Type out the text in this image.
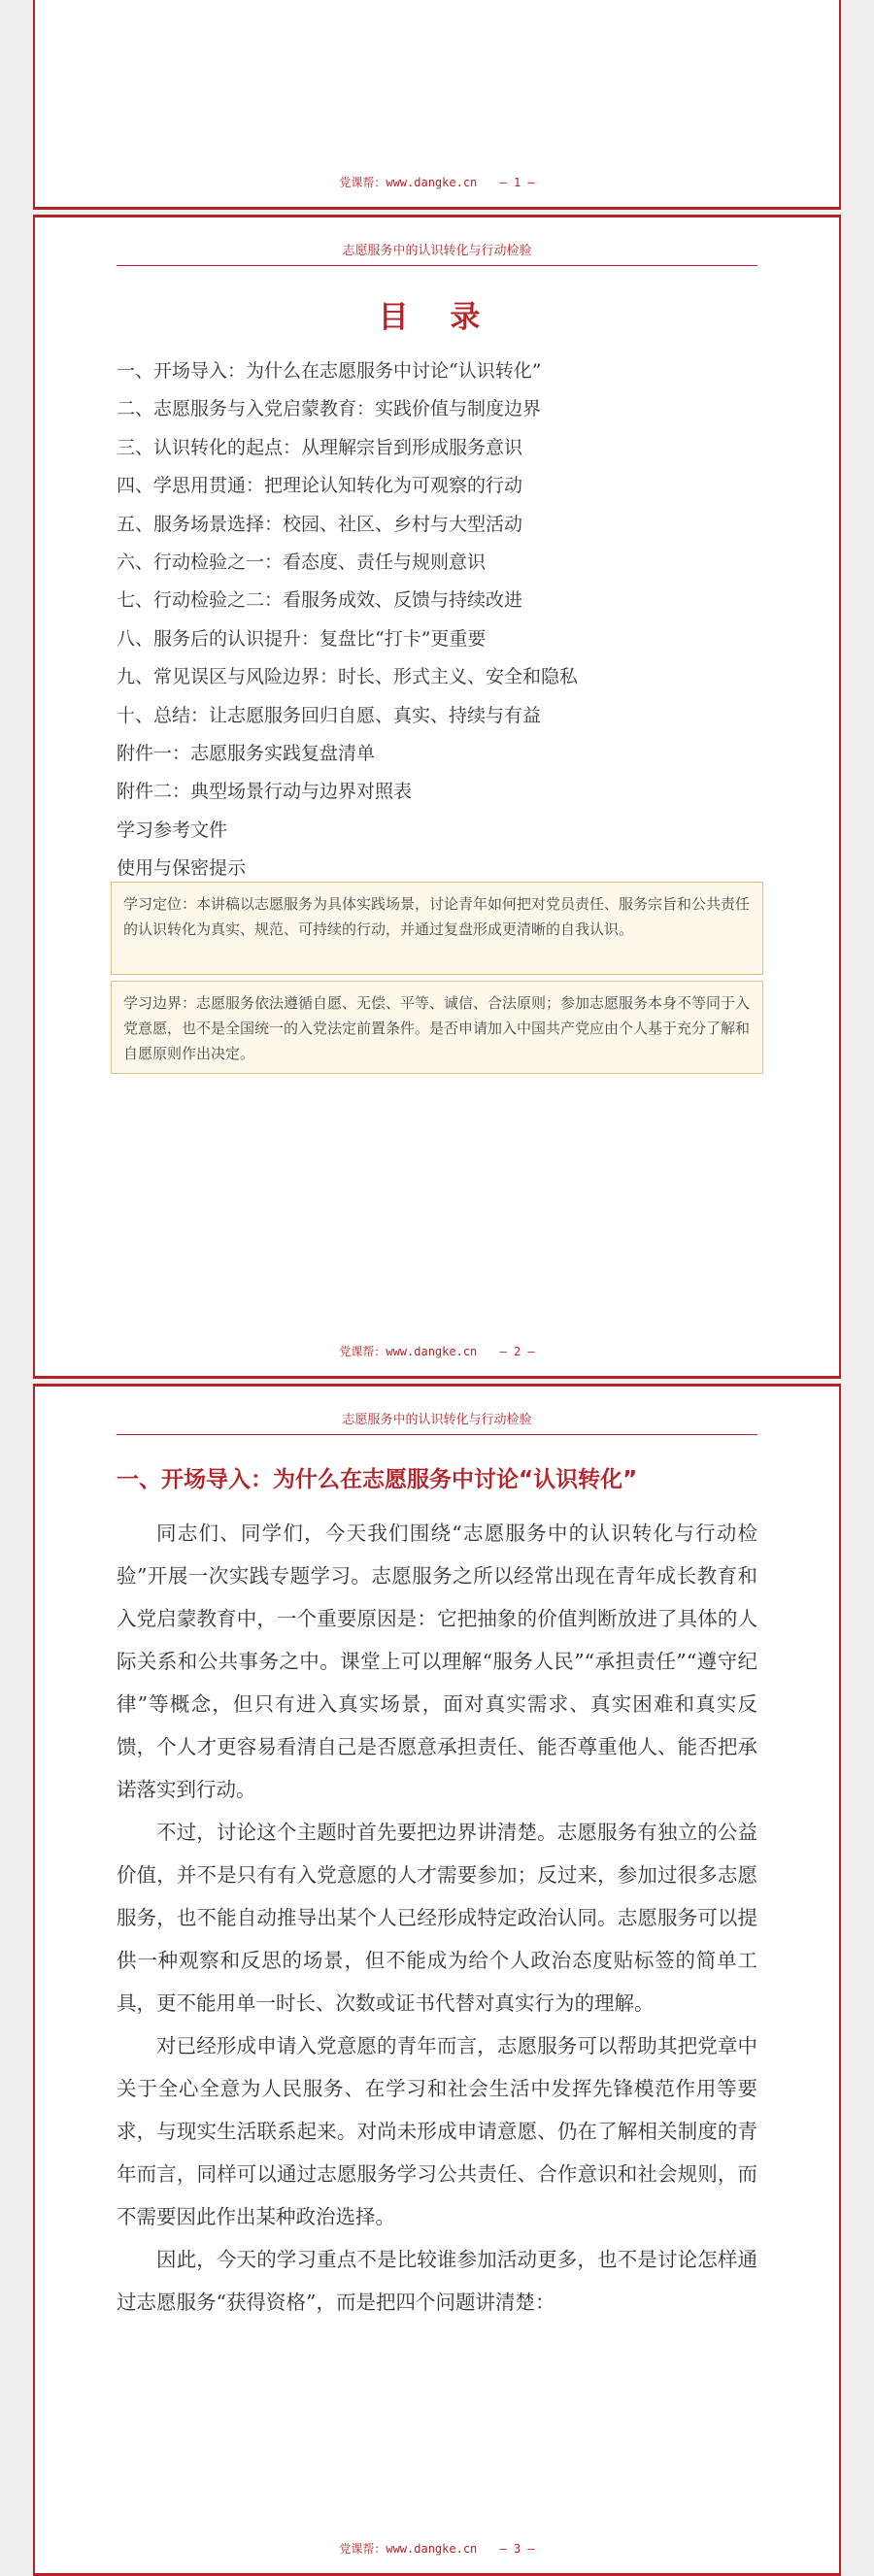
党课帮：www.dangke.cn — 1 —
志愿服务中的认识转化与行动检验
目 录
一、开场导入：为什么在志愿服务中讨论“认识转化”
二、志愿服务与入党启蒙教育：实践价值与制度边界
三、认识转化的起点：从理解宗旨到形成服务意识
四、学思用贯通：把理论认知转化为可观察的行动
五、服务场景选择：校园、社区、乡村与大型活动
六、行动检验之一：看态度、责任与规则意识
七、行动检验之二：看服务成效、反馈与持续改进
八、服务后的认识提升：复盘比“打卡”更重要
九、常见误区与风险边界：时长、形式主义、安全和隐私
十、总结：让志愿服务回归自愿、真实、持续与有益
附件一：志愿服务实践复盘清单
附件二：典型场景行动与边界对照表
学习参考文件
使用与保密提示
学习定位：本讲稿以志愿服务为具体实践场景，讨论青年如何把对党员责任、服务宗旨和公共责任的认识转化为真实、规范、可持续的行动，并通过复盘形成更清晰的自我认识。
学习边界：志愿服务依法遵循自愿、无偿、平等、诚信、合法原则；参加志愿服务本身不等同于入党意愿，也不是全国统一的入党法定前置条件。是否申请加入中国共产党应由个人基于充分了解和自愿原则作出决定。
党课帮：www.dangke.cn — 2 —
志愿服务中的认识转化与行动检验
一、开场导入：为什么在志愿服务中讨论“认识转化”

同志们、同学们，今天我们围绕“志愿服务中的认识转化与行动检验”开展一次实践专题学习。志愿服务之所以经常出现在青年成长教育和入党启蒙教育中，一个重要原因是：它把抽象的价值判断放进了具体的人际关系和公共事务之中。课堂上可以理解“服务人民”“承担责任”“遵守纪律”等概念，但只有进入真实场景，面对真实需求、真实困难和真实反馈，个人才更容易看清自己是否愿意承担责任、能否尊重他人、能否把承诺落实到行动。

不过，讨论这个主题时首先要把边界讲清楚。志愿服务有独立的公益价值，并不是只有有入党意愿的人才需要参加；反过来，参加过很多志愿服务，也不能自动推导出某个人已经形成特定政治认同。志愿服务可以提供一种观察和反思的场景，但不能成为给个人政治态度贴标签的简单工具，更不能用单一时长、次数或证书代替对真实行为的理解。

对已经形成申请入党意愿的青年而言，志愿服务可以帮助其把党章中关于全心全意为人民服务、在学习和社会生活中发挥先锋模范作用等要求，与现实生活联系起来。对尚未形成申请意愿、仍在了解相关制度的青年而言，同样可以通过志愿服务学习公共责任、合作意识和社会规则，而不需要因此作出某种政治选择。

因此，今天的学习重点不是比较谁参加活动更多，也不是讨论怎样通过志愿服务“获得资格”，而是把四个问题讲清楚：

党课帮：www.dangke.cn — 3 —
